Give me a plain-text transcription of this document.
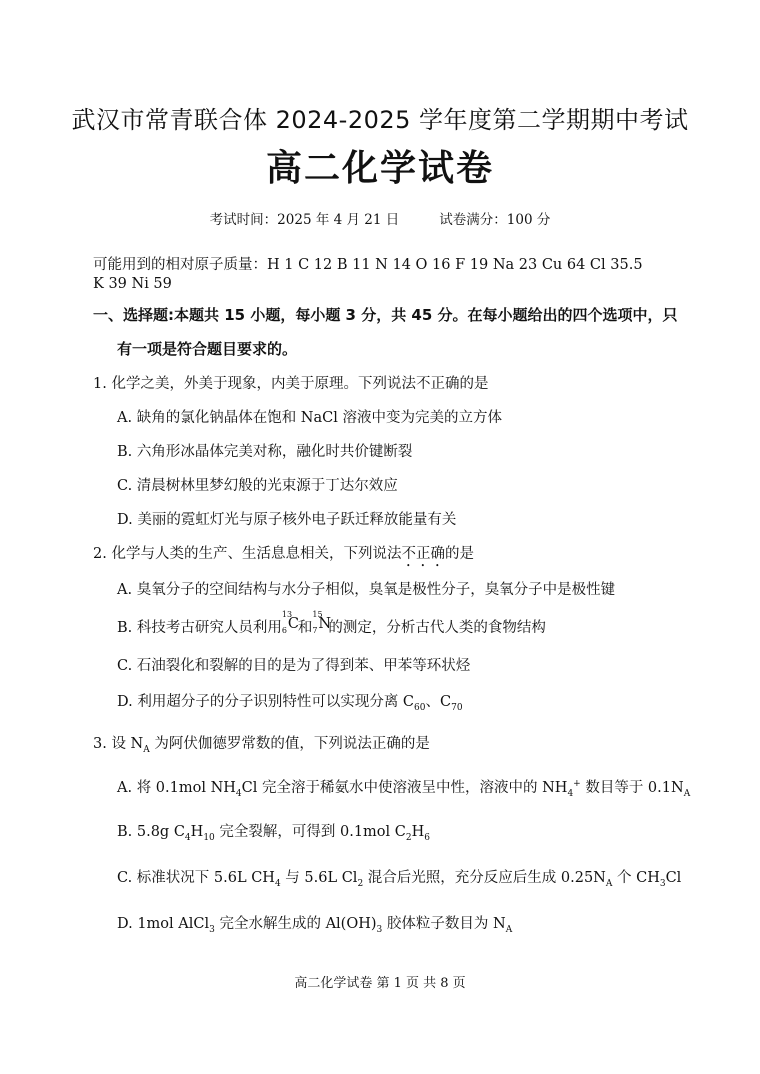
武汉市常青联合体 2024-2025 学年度第二学期期中考试
高二化学试卷
考试时间：2025 年 4 月 21 日	试卷满分：100 分
可能用到的相对原子质量：H 1 C 12 B 11 N 14 O 16 F 19 Na 23 Cu 64 Cl 35.5
K 39 Ni 59
一、选择题:本题共 15 小题，每小题 3 分，共 45 分。在每小题给出的四个选项中，只
有一项是符合题目要求的。
1. 化学之美，外美于现象，内美于原理。下列说法不正确的是
A. 缺角的氯化钠晶体在饱和 NaCl 溶液中变为完美的立方体
B. 六角形冰晶体完美对称，融化时共价键断裂
C. 清晨树林里梦幻般的光束源于丁达尔效应
D. 美丽的霓虹灯光与原子核外电子跃迁释放能量有关
2. 化学与人类的生产、生活息息相关，下列说法不正确的是
A. 臭氧分子的空间结构与水分子相似，臭氧是极性分子，臭氧分子中是极性键
B. 科技考古研究人员利用
13
6 C
和
15
7 N
的测定，分析古代人类的食物结构
C. 石油裂化和裂解的目的是为了得到苯、甲苯等环状烃
D. 利用超分子的分子识别特性可以实现分离 $C_{60}$、$C_{70}$
3. 设 $N_A$ 为阿伏伽德罗常数的值，下列说法正确的是
A. 将 0.1mol $NH_4Cl$ 完全溶于稀氨水中使溶液呈中性，溶液中的 $NH_4^+$ 数目等于 $0.1N_A$
B. 5.8g $C_4H_{10}$ 完全裂解，可得到 0.1mol $C_2H_6$
C. 标准状况下 5.6L $CH_4$ 与 5.6L $Cl_2$ 混合后光照，充分反应后生成 $0.25N_A$ 个 $CH_3Cl$
D. 1mol AlCl$_3$ 完全水解生成的 $Al(OH)_3$ 胶体粒子数目为 $N_A$
高二化学试卷 第 1 页 共 8 页
